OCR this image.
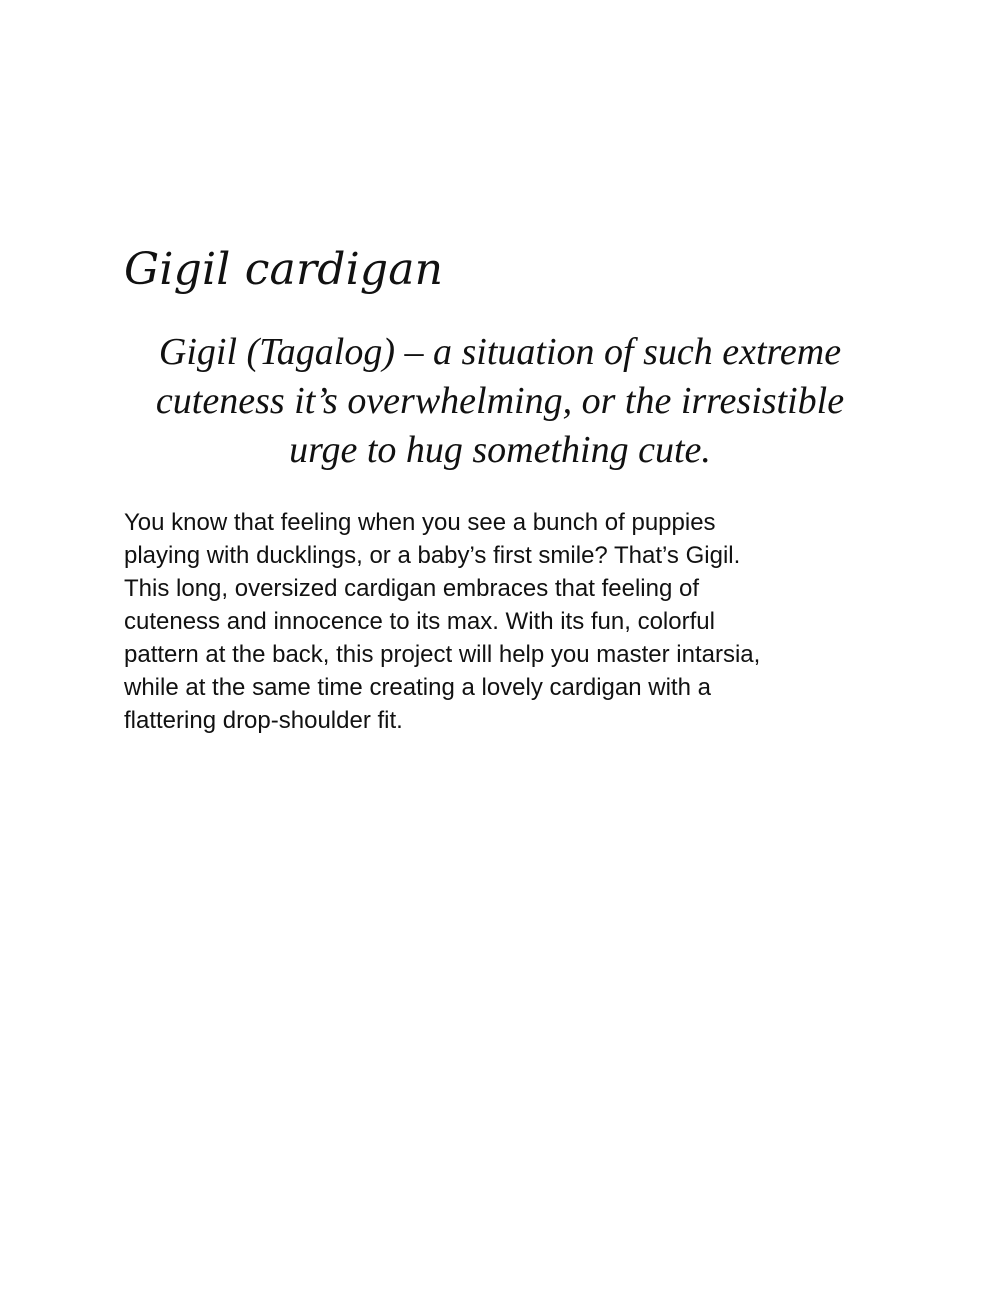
Gigil cardigan

Gigil (Tagalog) – a situation of such extreme
cuteness it’s overwhelming, or the irresistible
urge to hug something cute.

You know that feeling when you see a bunch of puppies
playing with ducklings, or a baby’s first smile? That’s Gigil.
This long, oversized cardigan embraces that feeling of
cuteness and innocence to its max. With its fun, colorful
pattern at the back, this project will help you master intarsia,
while at the same time creating a lovely cardigan with a
flattering drop-shoulder fit.
